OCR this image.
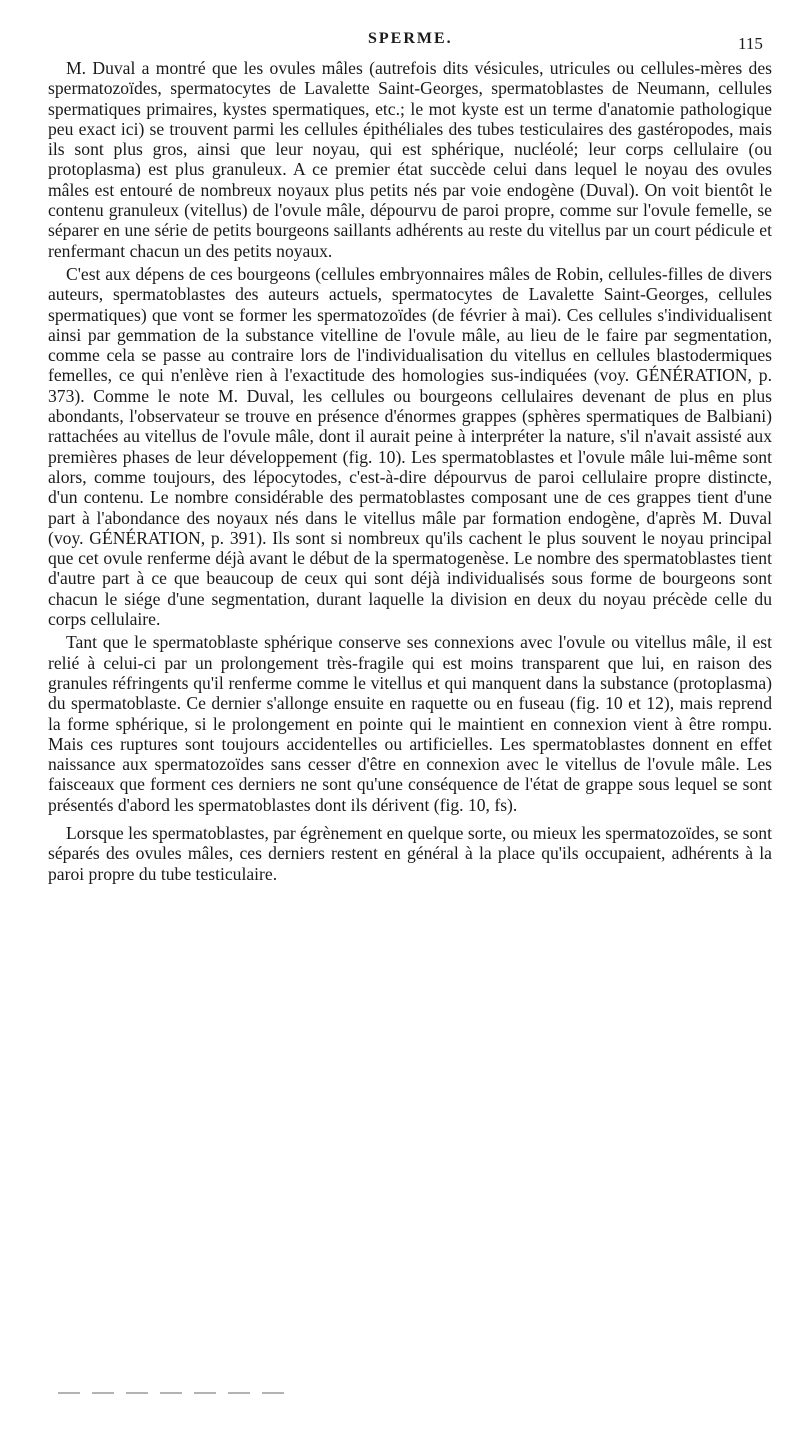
SPERME.	115

M. Duval a montré que les ovules mâles (autrefois dits vésicules, utricules ou cellules-mères des spermatozoïdes, spermatocytes de Lavalette Saint-Georges, spermatoblastes de Neumann, cellules spermatiques primaires, kystes spermatiques, etc.; le mot kyste est un terme d'anatomie pathologique peu exact ici) se trouvent parmi les cellules épithéliales des tubes testiculaires des gastéropodes, mais ils sont plus gros, ainsi que leur noyau, qui est sphérique, nucléolé; leur corps cellulaire (ou protoplasma) est plus granuleux. A ce premier état succède celui dans lequel le noyau des ovules mâles est entouré de nombreux noyaux plus petits nés par voie endogène (Duval). On voit bientôt le contenu granuleux (vitellus) de l'ovule mâle, dépourvu de paroi propre, comme sur l'ovule femelle, se séparer en une série de petits bourgeons saillants adhérents au reste du vitellus par un court pédicule et renfermant chacun un des petits noyaux.

C'est aux dépens de ces bourgeons (cellules embryonnaires mâles de Robin, cellules-filles de divers auteurs, spermatoblastes des auteurs actuels, spermatocytes de Lavalette Saint-Georges, cellules spermatiques) que vont se former les spermatozoïdes (de février à mai). Ces cellules s'individualisent ainsi par gemmation de la substance vitelline de l'ovule mâle, au lieu de le faire par segmentation, comme cela se passe au contraire lors de l'individualisation du vitellus en cellules blastodermiques femelles, ce qui n'enlève rien à l'exactitude des homologies sus-indiquées (voy. GÉNÉRATION, p. 373). Comme le note M. Duval, les cellules ou bourgeons cellulaires devenant de plus en plus abondants, l'observateur se trouve en présence d'énormes grappes (sphères spermatiques de Balbiani) rattachées au vitellus de l'ovule mâle, dont il aurait peine à interpréter la nature, s'il n'avait assisté aux premières phases de leur développement (fig. 10). Les spermatoblastes et l'ovule mâle lui-même sont alors, comme toujours, des lépocytodes, c'est-à-dire dépourvus de paroi cellulaire propre distincte, d'un contenu. Le nombre considérable des permatoblastes composant une de ces grappes tient d'une part à l'abondance des noyaux nés dans le vitellus mâle par formation endogène, d'après M. Duval (voy. GÉNÉRATION, p. 391). Ils sont si nombreux qu'ils cachent le plus souvent le noyau principal que cet ovule renferme déjà avant le début de la spermatogenèse. Le nombre des spermatoblastes tient d'autre part à ce que beaucoup de ceux qui sont déjà individualisés sous forme de bourgeons sont chacun le siége d'une segmentation, durant laquelle la division en deux du noyau précède celle du corps cellulaire.

Tant que le spermatoblaste sphérique conserve ses connexions avec l'ovule ou vitellus mâle, il est relié à celui-ci par un prolongement très-fragile qui est moins transparent que lui, en raison des granules réfringents qu'il renferme comme le vitellus et qui manquent dans la substance (protoplasma) du spermatoblaste. Ce dernier s'allonge ensuite en raquette ou en fuseau (fig. 10 et 12), mais reprend la forme sphérique, si le prolongement en pointe qui le maintient en connexion vient à être rompu. Mais ces ruptures sont toujours accidentelles ou artificielles. Les spermatoblastes donnent en effet naissance aux spermatozoïdes sans cesser d'être en connexion avec le vitellus de l'ovule mâle. Les faisceaux que forment ces derniers ne sont qu'une conséquence de l'état de grappe sous lequel se sont présentés d'abord les spermatoblastes dont ils dérivent (fig. 10, fs).

Lorsque les spermatoblastes, par égrènement en quelque sorte, ou mieux les spermatozoïdes, se sont séparés des ovules mâles, ces derniers restent en général à la place qu'ils occupaient, adhérents à la paroi propre du tube testiculaire.
